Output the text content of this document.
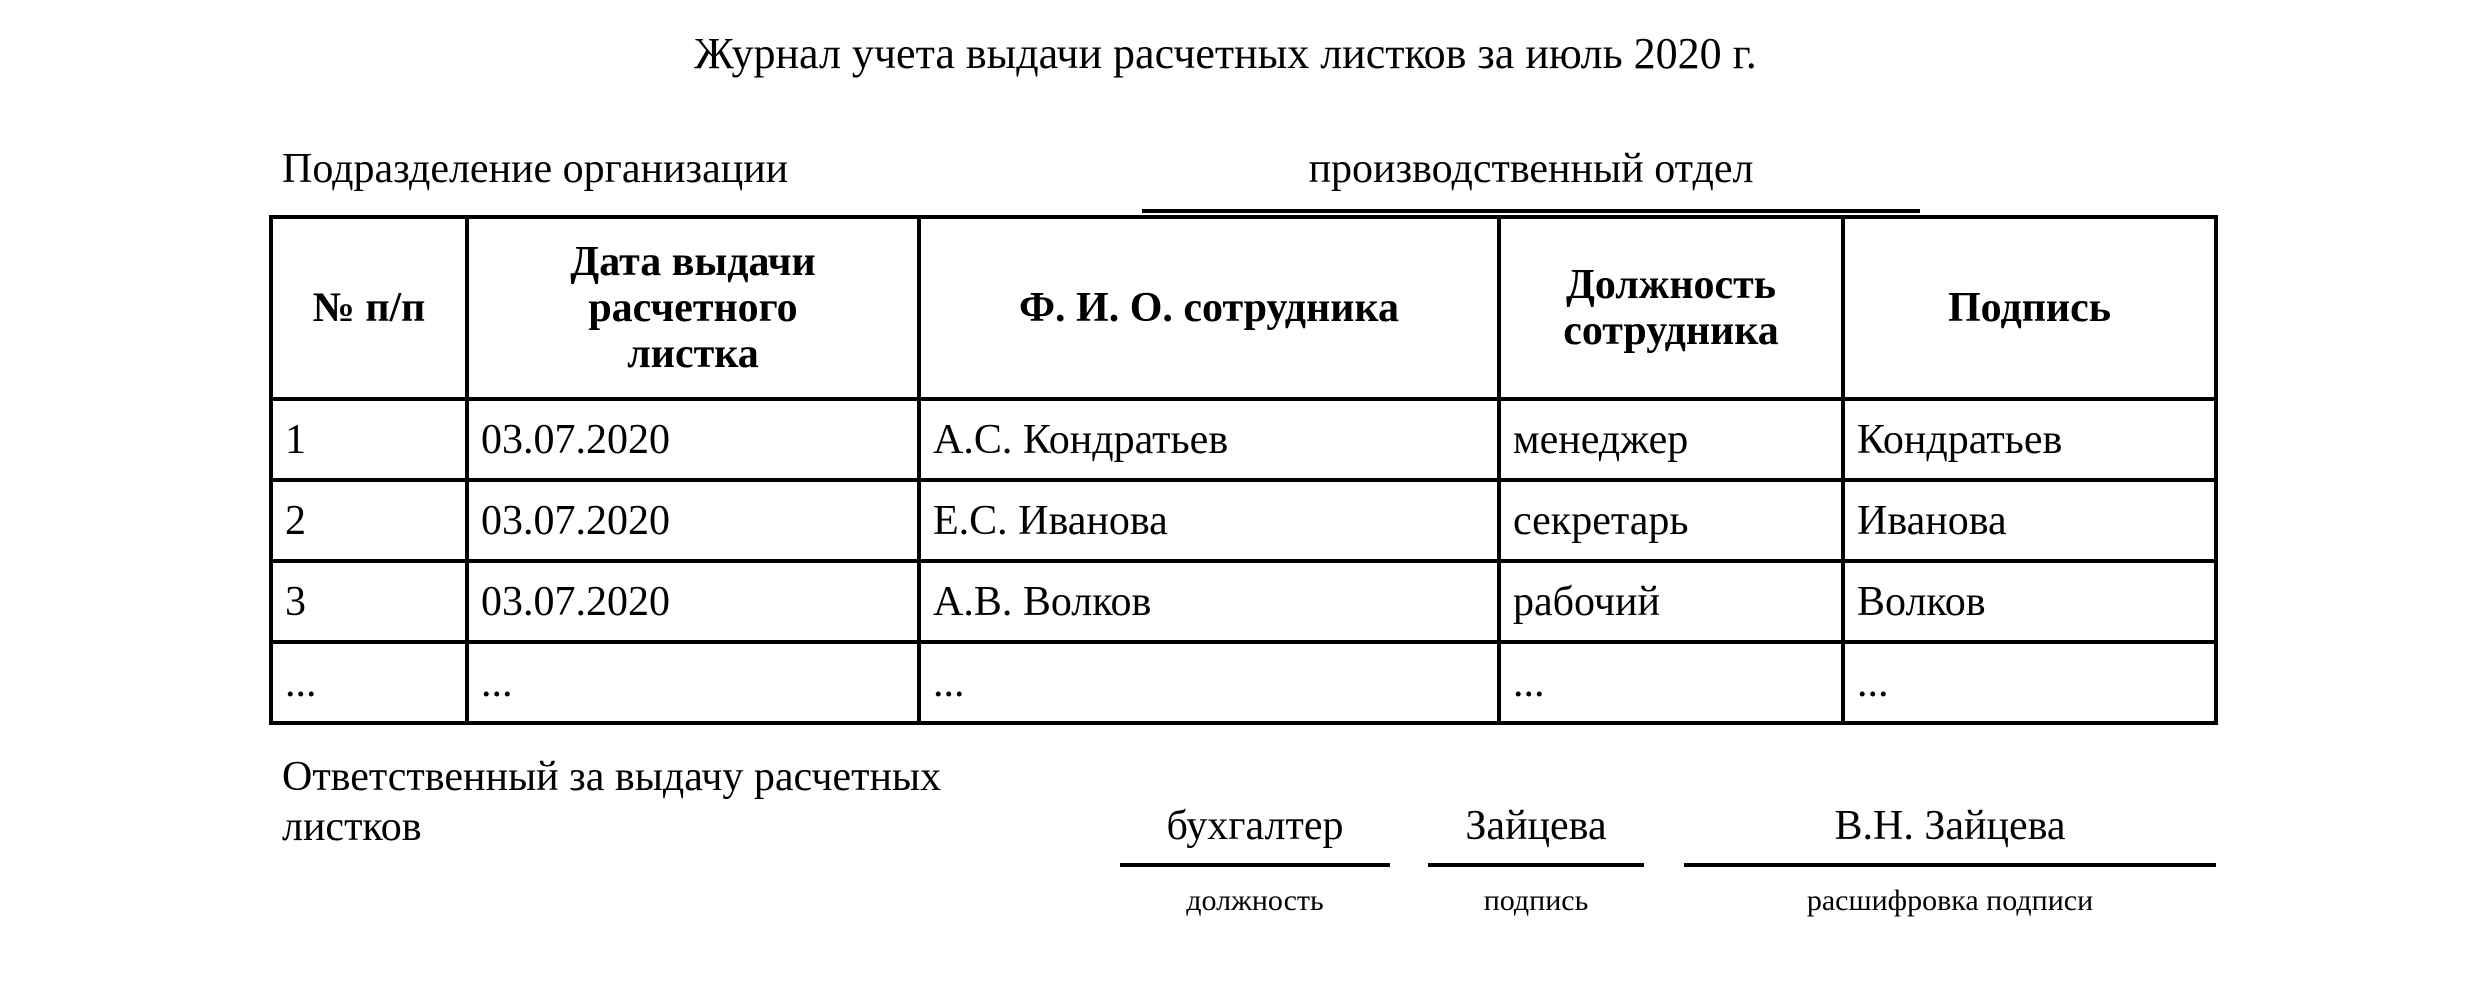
Журнал учета выдачи расчетных листков за июль 2020 г.
Подразделение организации	производственный отдел
№ п/п	Дата выдачи расчетного листка	Ф. И. О. сотрудника	Должность сотрудника	Подпись

1	03.07.2020	А.С. Кондратьев	менеджер	Кондратьев
2	03.07.2020	Е.С. Иванова	секретарь	Иванова
3	03.07.2020	А.В. Волков	рабочий	Волков
...	...	...	...	...
Ответственный за выдачу расчетных листков	бухгалтер
должность
Зайцева
подпись
В.Н. Зайцева
расшифровка подписи
